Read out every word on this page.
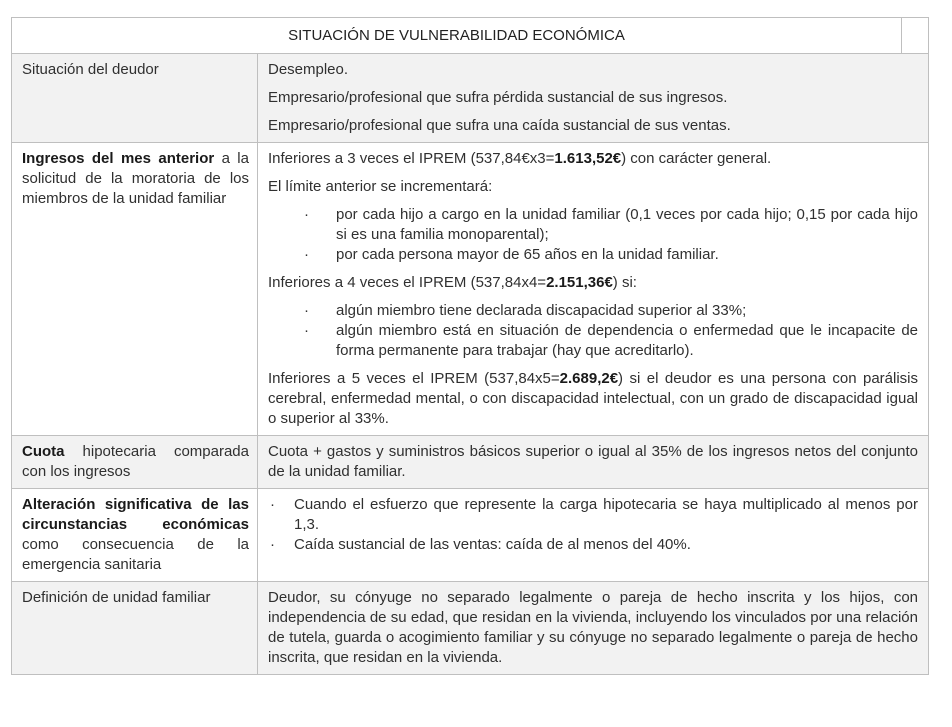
SITUACIÓN DE VULNERABILIDAD ECONÓMICA
Situación del deudor	Desempleo.
Empresario/profesional que sufra pérdida sustancial de sus ingresos.
Empresario/profesional que sufra una caída sustancial de sus ventas.
Ingresos del mes anterior a la solicitud de la moratoria de los miembros de la unidad familiar
Inferiores a 3 veces el IPREM (537,84€x3=1.613,52€) con carácter general.
El límite anterior se incrementará:
· por cada hijo a cargo en la unidad familiar (0,1 veces por cada hijo; 0,15 por cada hijo si es una familia monoparental);
· por cada persona mayor de 65 años en la unidad familiar.
Inferiores a 4 veces el IPREM (537,84x4=2.151,36€) si:
· algún miembro tiene declarada discapacidad superior al 33%;
· algún miembro está en situación de dependencia o enfermedad que le incapacite de forma permanente para trabajar (hay que acreditarlo).
Inferiores a 5 veces el IPREM (537,84x5=2.689,2€) si el deudor es una persona con parálisis cerebral, enfermedad mental, o con discapacidad intelectual, con un grado de discapacidad igual o superior al 33%.
Cuota hipotecaria comparada con los ingresos
Cuota + gastos y suministros básicos superior o igual al 35% de los ingresos netos del conjunto de la unidad familiar.
Alteración significativa de las circunstancias económicas como consecuencia de la emergencia sanitaria
· Cuando el esfuerzo que represente la carga hipotecaria se haya multiplicado al menos por 1,3.
· Caída sustancial de las ventas: caída de al menos del 40%.
Definición de unidad familiar	Deudor, su cónyuge no separado legalmente o pareja de hecho inscrita y los hijos, con independencia de su edad, que residan en la vivienda, incluyendo los vinculados por una relación de tutela, guarda o acogimiento familiar y su cónyuge no separado legalmente o pareja de hecho inscrita, que residan en la vivienda.
